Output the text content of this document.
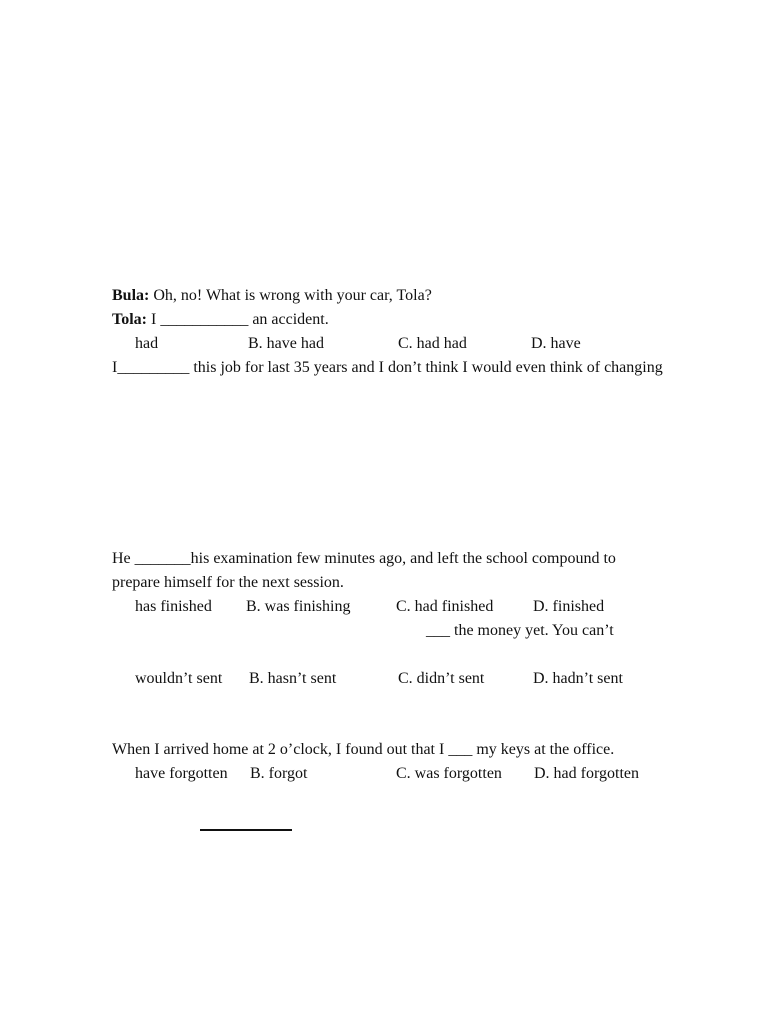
Bula: Oh, no! What is wrong with your car, Tola?
Tola: I ___________ an accident.
had	B. have had	C. had had	D. have
I_________ this job for last 35 years and I don’t think I would even think of changing
He _______his examination few minutes ago, and left the school compound to
prepare himself for the next session.
has finished B. was finishing	C. had finished D. finished
___ the money yet. You can’t
wouldn’t sent B. hasn’t sent	C. didn’t sent	D. hadn’t sent
When I arrived home at 2 o’clock, I found out that I ___ my keys at the office.
have forgotten B. forgot	C. was forgotten D. had forgotten
